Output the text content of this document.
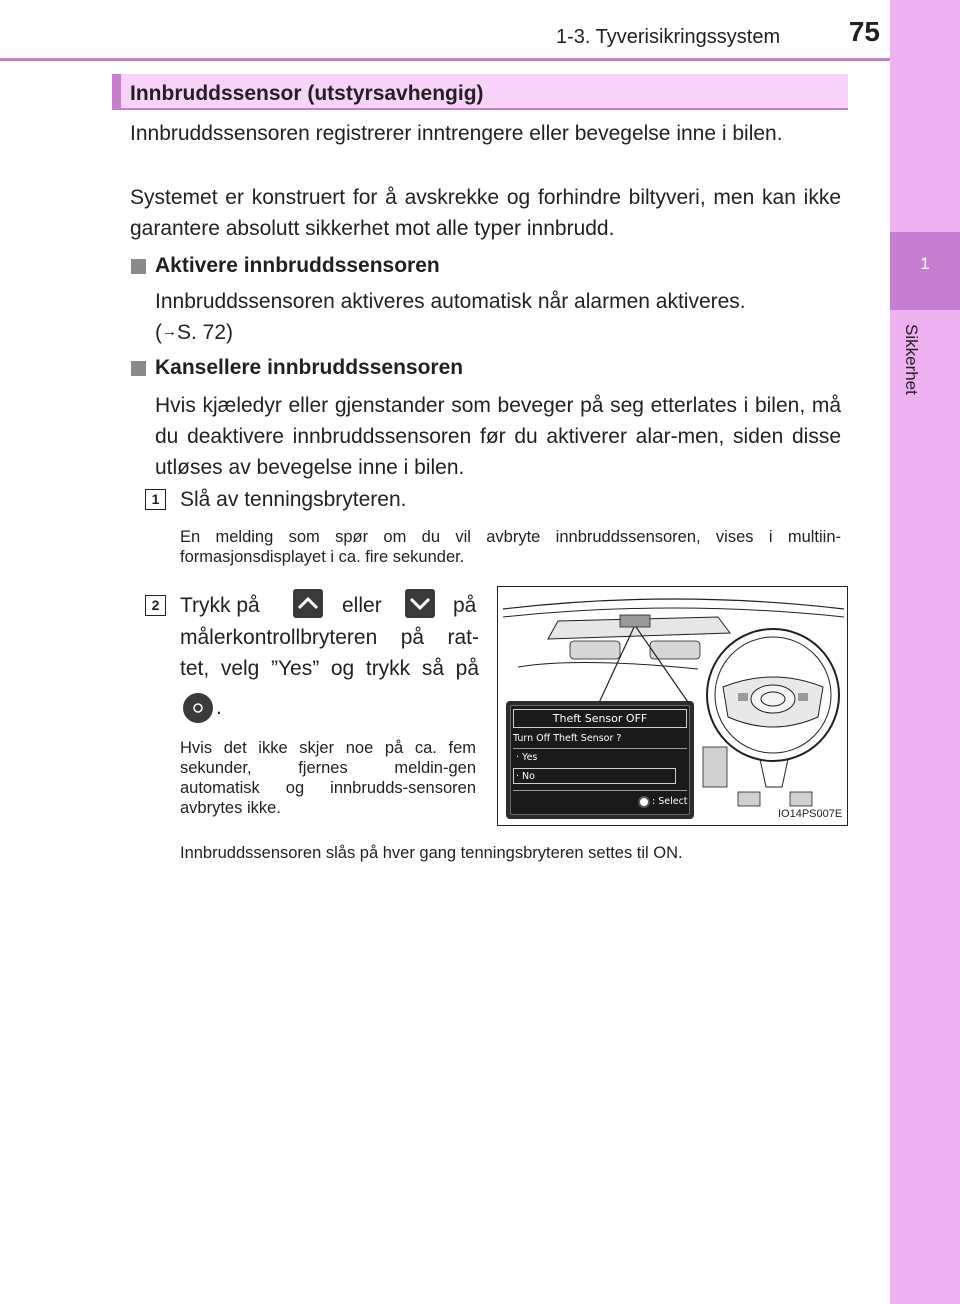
1-3. Tyverisikringssystem	75
1
Sikkerhet
Innbruddssensor (utstyrsavhengig)

Innbruddssensoren registrerer inntrengere eller bevegelse inne i bilen.

Systemet er konstruert for å avskrekke og forhindre biltyveri, men kan ikke garantere absolutt sikkerhet mot alle typer innbrudd.

Aktivere innbruddssensoren

Innbruddssensoren aktiveres automatisk når alarmen aktiveres.
(→S. 72)

Kansellere innbruddssensoren

Hvis kjæledyr eller gjenstander som beveger på seg etterlates i bilen, må du deaktivere innbruddssensoren før du aktiverer alar-men, siden disse utløses av bevegelse inne i bilen.

1 Slå av tenningsbryteren.

En melding som spør om du vil avbryte innbruddssensoren, vises i multiin-formasjonsdisplayet i ca. fire sekunder.

2 Trykk på	eller	på
målerkontrollbryteren på rat-
tet, velg ”Yes” og trykk så på
.

Hvis det ikke skjer noe på ca. fem sekunder, fjernes meldin-gen automatisk og innbrudds-sensoren avbrytes ikke.

Theft Sensor OFF
Turn Off Theft Sensor ?
· Yes
· No
: Select
IO14PS007E

Innbruddssensoren slås på hver gang tenningsbryteren settes til ON.
